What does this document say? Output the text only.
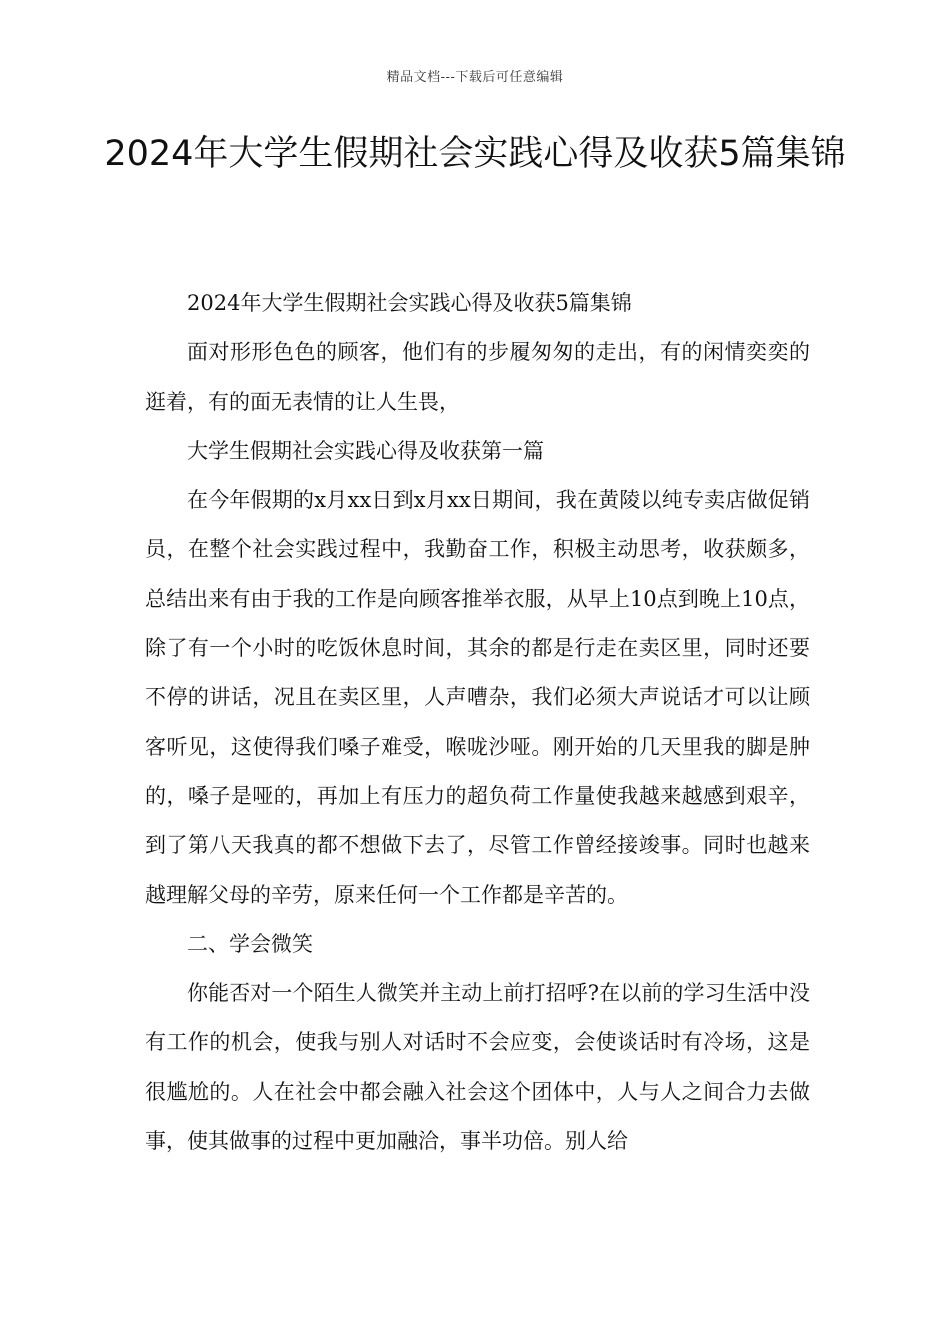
精品文档---下载后可任意编辑
2024年大学生假期社会实践心得及收获5篇集锦

2024年大学生假期社会实践心得及收获5篇集锦

面对形形色色的顾客，他们有的步履匆匆的走出，有的闲情奕奕的逛着，有的面无表情的让人生畏，

大学生假期社会实践心得及收获第一篇

在今年假期的x月xx日到x月xx日期间，我在黄陵以纯专卖店做促销员，在整个社会实践过程中，我勤奋工作，积极主动思考，收获颇多，总结出来有由于我的工作是向顾客推举衣服，从早上10点到晚上10点，除了有一个小时的吃饭休息时间，其余的都是行走在卖区里，同时还要不停的讲话，况且在卖区里，人声嘈杂，我们必须大声说话才可以让顾客听见，这使得我们嗓子难受，喉咙沙哑。刚开始的几天里我的脚是肿的，嗓子是哑的，再加上有压力的超负荷工作量使我越来越感到艰辛，到了第八天我真的都不想做下去了，尽管工作曾经接竣事。同时也越来越理解父母的辛劳，原来任何一个工作都是辛苦的。

二、学会微笑

你能否对一个陌生人微笑并主动上前打招呼?在以前的学习生活中没有工作的机会，使我与别人对话时不会应变，会使谈话时有冷场，这是很尴尬的。人在社会中都会融入社会这个团体中，人与人之间合力去做事，使其做事的过程中更加融洽，事半功倍。别人给
